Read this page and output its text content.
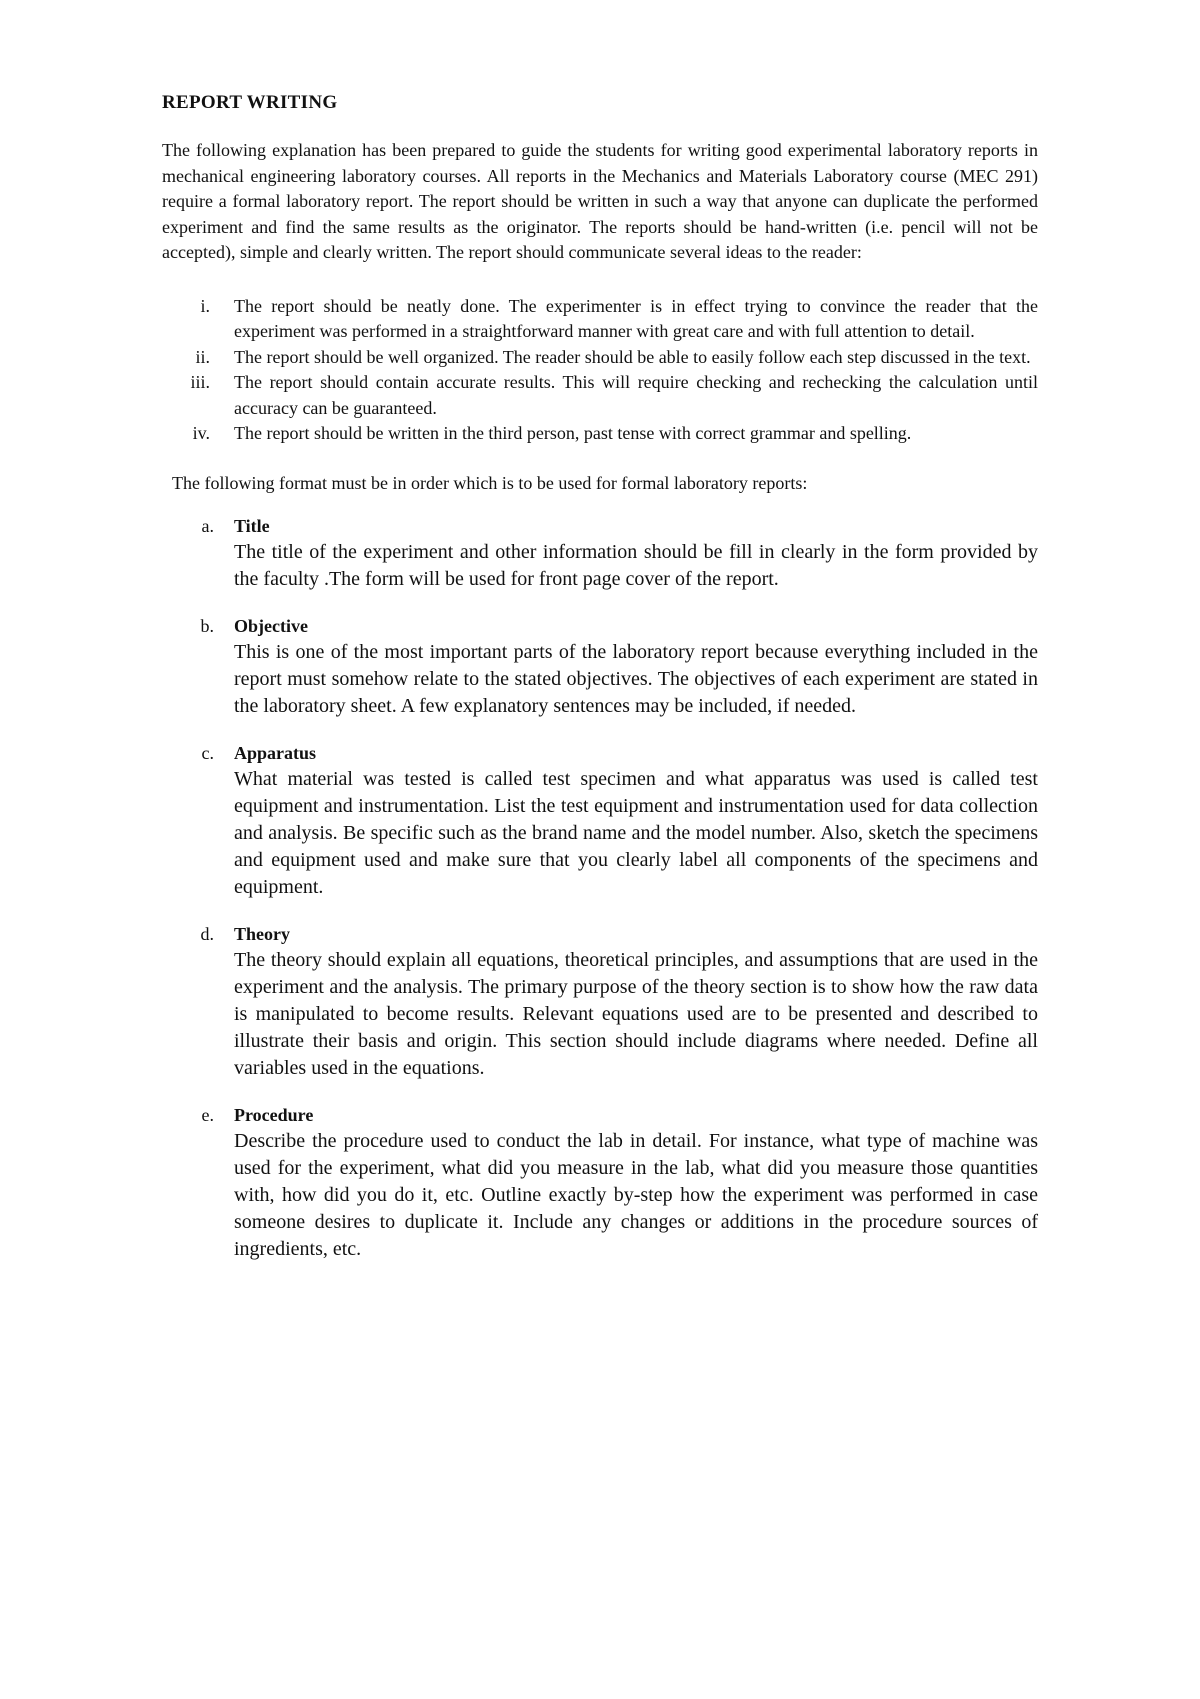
REPORT WRITING

The following explanation has been prepared to guide the students for writing good experimental laboratory reports in mechanical engineering laboratory courses. All reports in the Mechanics and Materials Laboratory course (MEC 291) require a formal laboratory report. The report should be written in such a way that anyone can duplicate the performed experiment and find the same results as the originator. The reports should be hand-written (i.e. pencil will not be accepted), simple and clearly written. The report should communicate several ideas to the reader:

i.	The report should be neatly done. The experimenter is in effect trying to convince the reader that the experiment was performed in a straightforward manner with great care and with full attention to detail.
ii.	The report should be well organized. The reader should be able to easily follow each step discussed in the text.
iii.	The report should contain accurate results. This will require checking and rechecking the calculation until accuracy can be guaranteed.
iv.	The report should be written in the third person, past tense with correct grammar and spelling.

The following format must be in order which is to be used for formal laboratory reports:

a.	Title
The title of the experiment and other information should be fill in clearly in the form provided by the faculty .The form will be used for front page cover of the report.
b.	Objective
This is one of the most important parts of the laboratory report because everything included in the report must somehow relate to the stated objectives. The objectives of each experiment are stated in the laboratory sheet. A few explanatory sentences may be included, if needed.
c.	Apparatus
What material was tested is called test specimen and what apparatus was used is called test equipment and instrumentation. List the test equipment and instrumentation used for data collection and analysis. Be specific such as the brand name and the model number. Also, sketch the specimens and equipment used and make sure that you clearly label all components of the specimens and equipment.
d.	Theory
The theory should explain all equations, theoretical principles, and assumptions that are used in the experiment and the analysis. The primary purpose of the theory section is to show how the raw data is manipulated to become results. Relevant equations used are to be presented and described to illustrate their basis and origin. This section should include diagrams where needed. Define all variables used in the equations.
e.	Procedure
Describe the procedure used to conduct the lab in detail. For instance, what type of machine was used for the experiment, what did you measure in the lab, what did you measure those quantities with, how did you do it, etc. Outline exactly by-step how the experiment was performed in case someone desires to duplicate it. Include any changes or additions in the procedure sources of ingredients, etc.
